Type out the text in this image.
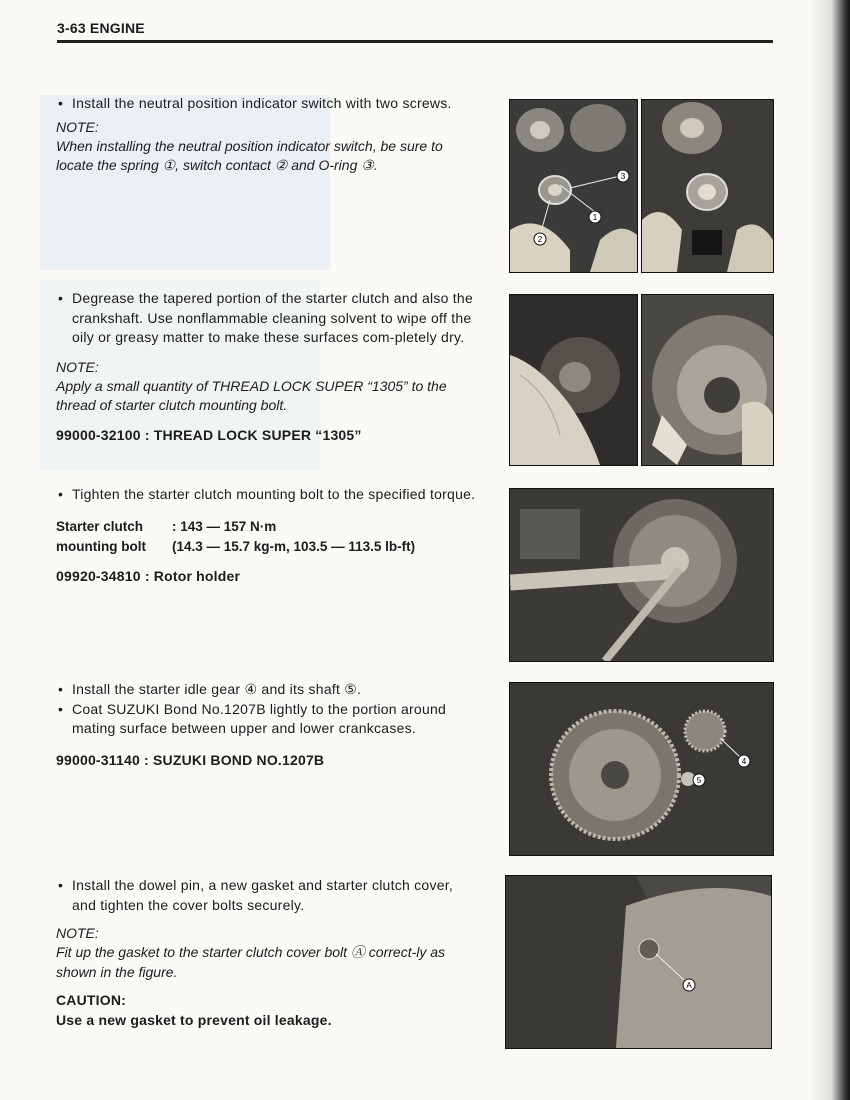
3-63 ENGINE
• Install the neutral position indicator switch with two screws.
NOTE:
When installing the neutral position indicator switch, be sure to locate the spring ①, switch contact ② and O-ring ③.
• Degrease the tapered portion of the starter clutch and also the crankshaft. Use nonflammable cleaning solvent to wipe off the oily or greasy matter to make these surfaces com-pletely dry.
NOTE:
Apply a small quantity of THREAD LOCK SUPER “1305” to the thread of starter clutch mounting bolt.
99000-32100 : THREAD LOCK SUPER “1305”
• Tighten the starter clutch mounting bolt to the specified torque.
Starter clutch	: 143 — 157 N·m
mounting bolt	(14.3 — 15.7 kg-m, 103.5 — 113.5 lb-ft)
09920-34810 : Rotor holder
• Install the starter idle gear ④ and its shaft ⑤.
• Coat SUZUKI Bond No.1207B lightly to the portion around mating surface between upper and lower crankcases.
99000-31140 : SUZUKI BOND NO.1207B
• Install the dowel pin, a new gasket and starter clutch cover, and tighten the cover bolts securely.
NOTE:
Fit up the gasket to the starter clutch cover bolt Ⓐ correct-ly as shown in the figure.
CAUTION:
Use a new gasket to prevent oil leakage.
1
2
3
4
5
A
